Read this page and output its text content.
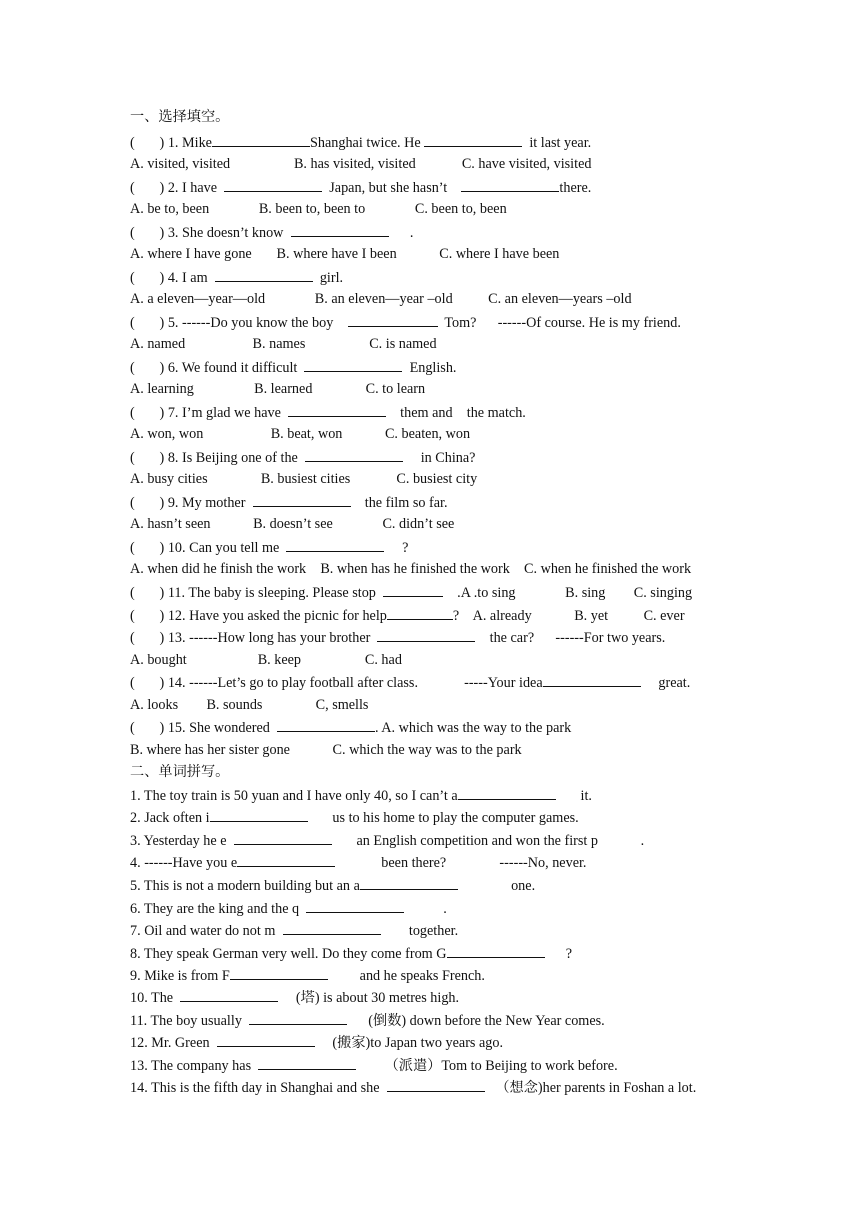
一、选择填空。
(       ) 1. Mike	Shanghai twice. He	it last year.
A. visited, visited                  B. has visited, visited             C. have visited, visited
(       ) 2. I have	Japan, but she hasn’t	there.
A. be to, been              B. been to, been to              C. been to, been
(       ) 3. She doesn’t know	.
A. where I have gone       B. where have I been            C. where I have been
(       ) 4. I am	girl.
A. a eleven—year—old              B. an eleven—year –old          C. an eleven—years –old
(       ) 5. ------Do you know the boy	Tom?      ------Of course. He is my friend.
A. named                   B. names                  C. is named
(       ) 6. We found it difficult	English.
A. learning                 B. learned               C. to learn
(       ) 7. I’m glad we have	them and    the match.
A. won, won                   B. beat, won            C. beaten, won
(       ) 8. Is Beijing one of the	in China?
A. busy cities               B. busiest cities             C. busiest city
(       ) 9. My mother	the film so far.
A. hasn’t seen            B. doesn’t see              C. didn’t see
(       ) 10. Can you tell me	?
A. when did he finish the work    B. when has he finished the work    C. when he finished the work
(       ) 11. The baby is sleeping. Please stop	.A .to sing              B. sing        C. singing
(       ) 12. Have you asked the picnic for help	?    A. already            B. yet          C. ever
(       ) 13. ------How long has your brother	the car?      ------For two years.
A. bought                    B. keep                  C. had
(       ) 14. ------Let’s go to play football after class.             -----Your idea	great.
A. looks        B. sounds               C, smells
(       ) 15. She wondered	. A. which was the way to the park
B. where has her sister gone            C. which the way was to the park
二、单词拼写。
1. The toy train is 50 yuan and I have only 40, so I can’t a	it.
2. Jack often i	us to his home to play the computer games.
3. Yesterday he e	an English competition and won the first p            .
4. ------Have you e	been there?               ------No, never.
5. This is not a modern building but an a	one.
6. They are the king and the q	.
7. Oil and water do not m	together.
8. They speak German very well. Do they come from G	?
9. Mike is from F	and he speaks French.
10. The	(塔) is about 30 metres high.
11. The boy usually	(倒数) down before the New Year comes.
12. Mr. Green	(搬家)to Japan two years ago.
13. The company has	（派遣）Tom to Beijing to work before.
14. This is the fifth day in Shanghai and she	（想念)her parents in Foshan a lot.
